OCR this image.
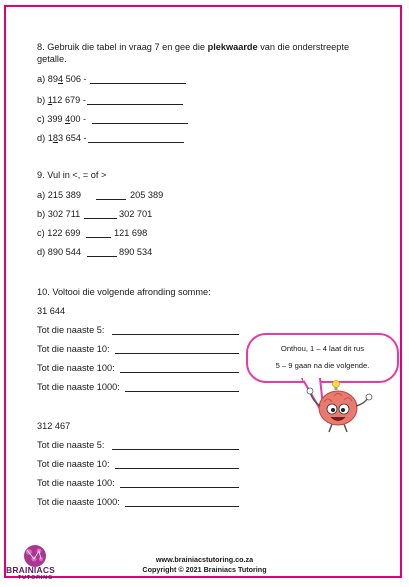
8. Gebruik die tabel in vraag 7 en gee die plekwaarde van die onderstreepte
getalle.
a) 894 506 -
b) 112 679 -
c) 399 400 -
d) 183 654 -
9. Vul in <, = of >
a) 215 389	205 389
b) 302 711	302 701
c) 122 699	121 698
d) 890 544	890 534
10. Voltooi die volgende afronding somme:
31 644
Tot die naaste 5:
Tot die naaste 10:
Tot die naaste 100:
Tot die naaste 1000:
312 467
Tot die naaste 5:
Tot die naaste 10:
Tot die naaste 100:
Tot die naaste 1000:
Onthou, 1 – 4 laat dit rus
5 – 9 gaan na die volgende.
www.brainiacstutoring.co.za
Copyright © 2021 Brainiacs Tutoring
BRAINIACS
TUTORING
